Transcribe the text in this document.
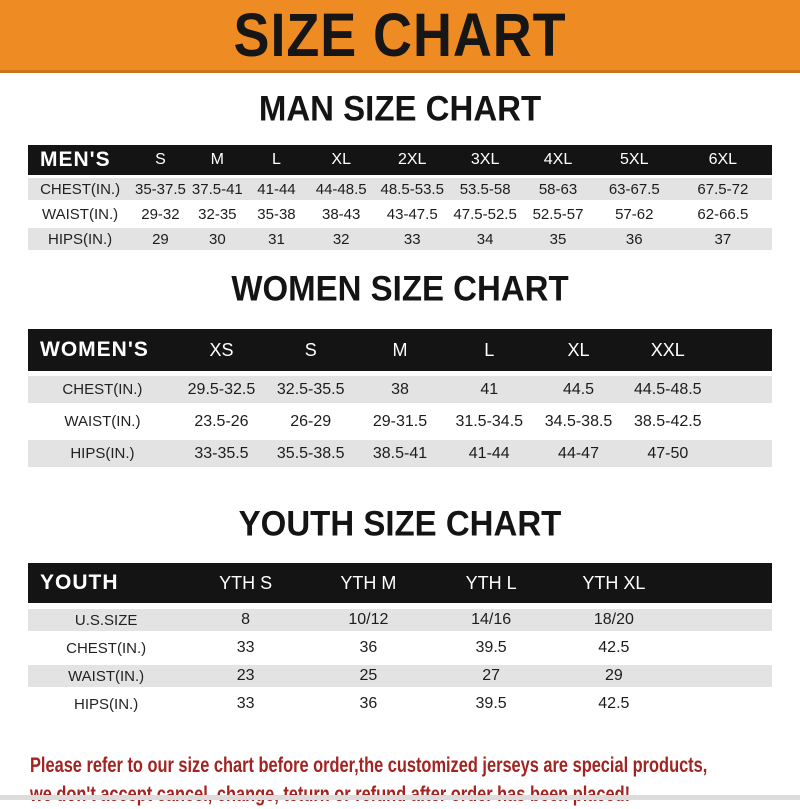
SIZE CHART
MAN SIZE CHART
MEN'S	S	M	L	XL	2XL	3XL	4XL	5XL	6XL
CHEST(IN.)	35-37.5	37.5-41	41-44	44-48.5	48.5-53.5	53.5-58	58-63	63-67.5	67.5-72
WAIST(IN.)	29-32	32-35	35-38	38-43	43-47.5	47.5-52.5	52.5-57	57-62	62-66.5
HIPS(IN.)	29	30	31	32	33	34	35	36	37
WOMEN SIZE CHART
WOMEN'S	XS	S	M	L	XL	XXL	
CHEST(IN.)	29.5-32.5	32.5-35.5	38	41	44.5	44.5-48.5	
WAIST(IN.)	23.5-26	26-29	29-31.5	31.5-34.5	34.5-38.5	38.5-42.5	
HIPS(IN.)	33-35.5	35.5-38.5	38.5-41	41-44	44-47	47-50	
YOUTH SIZE CHART
YOUTH	YTH S	YTH M	YTH L	YTH XL	
U.S.SIZE	8	10/12	14/16	18/20	
CHEST(IN.)	33	36	39.5	42.5	
WAIST(IN.)	23	25	27	29	
HIPS(IN.)	33	36	39.5	42.5	

Please refer to our size chart before order,the customized jerseys are special products,
